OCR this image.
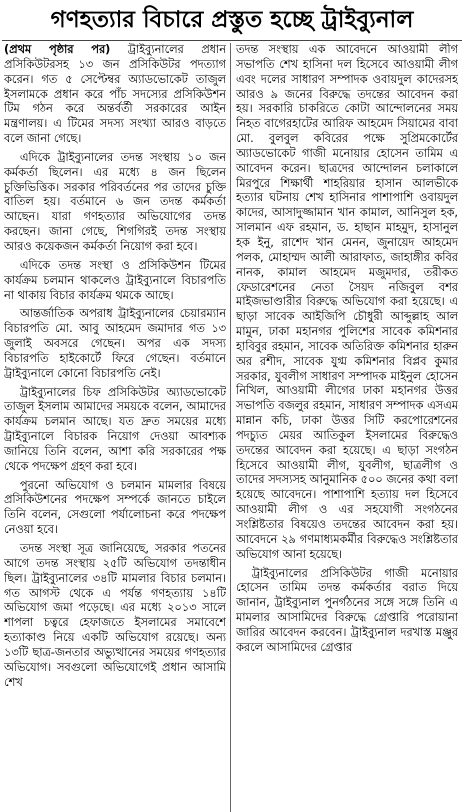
গণহত্যার বিচারে প্রস্তুত হচ্ছে ট্রাইব্যুনাল

(প্রথম পৃষ্ঠার পর) ট্রাইব্যুনালের প্রধান প্রসিকিউটরসহ ১৩ জন প্রসিকিউটর পদত্যাগ করেন। গত ৫ সেপ্টেম্বর অ্যাডভোকেট তাজুল ইসলামকে প্রধান করে পাঁচ সদস্যের প্রসিকিউশন টিম গঠন করে অন্তর্বর্তী সরকারের আইন মন্ত্রণালয়। এ টিমের সদস্য সংখ্যা আরও বাড়তে বলে জানা গেছে।

এদিকে ট্রাইব্যুনালের তদন্ত সংস্থায় ১০ জন কর্মকর্তা ছিলেন। এর মধ্যে ৪ জন ছিলেন চুক্তিভিত্তিক। সরকার পরিবর্তনের পর তাদের চুক্তি বাতিল হয়। বর্তমানে ৬ জন তদন্ত কর্মকর্তা আছেন। যারা গণহত্যার অভিযোগের তদন্ত করছেন। জানা গেছে, শিগগিরই তদন্ত সংস্থায় আরও কয়েকজন কর্মকর্তা নিয়োগ করা হবে।

এদিকে তদন্ত সংস্থা ও প্রসিকিউশন টিমের কার্যক্রম চলমান থাকলেও ট্রাইব্যুনালে বিচারপতি না থাকায় বিচার কার্যক্রম থমকে আছে।

আন্তর্জাতিক অপরাধ ট্রাইব্যুনালের চেয়ারম্যান বিচারপতি মো. আবু আহমেদ জমাদার গত ১৩ জুলাই অবসরে গেছেন। অপর এক সদস্য বিচারপতি হাইকোর্টে ফিরে গেছেন। বর্তমানে ট্রাইব্যুনালে কোনো বিচারপতি নেই।

ট্রাইব্যুনালের চিফ প্রসিকিউটর অ্যাডভোকেট তাজুল ইসলাম আমাদের সময়কে বলেন, আমাদের কার্যক্রম চলমান আছে। যত দ্রুত সময়ের মধ্যে ট্রাইব্যুনালে বিচারক নিয়োগ দেওয়া আবশ্যক জানিয়ে তিনি বলেন, আশা করি সরকারের পক্ষ থেকে পদক্ষেপ গ্রহণ করা হবে।

পুরনো অভিযোগ ও চলমান মামলার বিষয়ে প্রসিকিউশনের পদক্ষেপ সম্পর্কে জানতে চাইলে তিনি বলেন, সেগুলো পর্যালোচনা করে পদক্ষেপ নেওয়া হবে।

তদন্ত সংস্থা সূত্র জানিয়েছে, সরকার পতনের আগে তদন্ত সংস্থায় ২৫টি অভিযোগ তদন্তাধীন ছিল। ট্রাইব্যুনালের ৩৪টি মামলার বিচার চলমান। গত আগস্ট থেকে এ পর্যন্ত গণহত্যায় ১৪টি অভিযোগ জমা পড়েছে। এর মধ্যে ২০১৩ সালে শাপলা চত্বরে হেফাজতে ইসলামের সমাবেশে হত্যাকাণ্ড নিয়ে একটি অভিযোগ রয়েছে। অন্য ১৩টি ছাত্র-জনতার অভ্যুত্থানের সময়ের গণহত্যার অভিযোগ। সবগুলো অভিযোগেই প্রধান আসামি শেখ

তদন্ত সংস্থায় এক আবেদনে আওয়ামী লীগ সভাপতি শেখ হাসিনা দল হিসেবে আওয়ামী লীগ এবং দলের সাধারণ সম্পাদক ওবায়দুল কাদেরসহ আরও ৯ জনের বিরুদ্ধে তদন্তের আবেদন করা হয়। সরকারি চাকরিতে কোটা আন্দোলনের সময় নিহত বাগেরহাটের আরিফ আহমেদ সিয়ামের বাবা মো. বুলবুল কবিরের পক্ষে সুপ্রিমকোর্টের অ্যাডভোকেট গাজী মনোয়ার হোসেন তামিম এ আবেদন করেন। ছাত্রদের আন্দোলন চলাকালে মিরপুরে শিক্ষার্থী শাহরিয়ার হাসান আলভীকে হত্যার ঘটনায় শেখ হাসিনার পাশাপাশি ওবায়দুল কাদের, আসাদুজ্জামান খান কামাল, আনিসুল হক, সালমান এফ রহমান, ড. হাছান মাহমুদ, হাসানুল হক ইনু, রাশেদ খান মেনন, জুনায়েদ আহমেদ পলক, মোহাম্মদ আলী আরাফাত, জাহাঙ্গীর কবির নানক, কামাল আহমেদ মজুমদার, তরীকত ফেডারেশনের নেতা সৈয়দ নজিবুল বশর মাইজভাণ্ডারীর বিরুদ্ধে অভিযোগ করা হয়েছে। এ ছাড়া সাবেক আইজিপি চৌধুরী আব্দুল্লাহ আল মামুন, ঢাকা মহানগর পুলিশের সাবেক কমিশনার হাবিবুর রহমান, সাবেক অতিরিক্ত কমিশনার হারুন অর রশীদ, সাবেক যুগ্ম কমিশনার বিপ্লব কুমার সরকার, যুবলীগ সাধারণ সম্পাদক মাইনুল হোসেন নিখিল, আওয়ামী লীগের ঢাকা মহানগর উত্তর সভাপতি বজলুর রহমান, সাধারণ সম্পাদক এসএম মান্নান কচি, ঢাকা উত্তর সিটি করপোরেশনের পদচ্যুত মেয়র আতিকুল ইসলামের বিরুদ্ধেও তদন্তের আবেদন করা হয়েছে। এ ছাড়া সংগঠন হিসেবে আওয়ামী লীগ, যুবলীগ, ছাত্রলীগ ও তাদের সদস্যসহ আনুমানিক ৫০০ জনের কথা বলা হয়েছে আবেদনে। পাশাপাশি হত্যায় দল হিসেবে আওয়ামী লীগ ও এর সহযোগী সংগঠনের সংশ্লিষ্টতার বিষয়েও তদন্তের আবেদন করা হয়। আবেদনে ২৯ গণমাধ্যমকর্মীর বিরুদ্ধেও সংশ্লিষ্টতার অভিযোগ আনা হয়েছে।

ট্রাইব্যুনালের প্রসিকিউটর গাজী মনোয়ার হোসেন তামিম তদন্ত কর্মকর্তার বরাত দিয়ে জানান, ট্রাইব্যুনাল পুনর্গঠনের সঙ্গে সঙ্গে তিনি এ মামলার আসামিদের বিরুদ্ধে গ্রেপ্তারি পরোয়ানা জারির আবেদন করবেন। ট্রাইব্যুনাল দরখাস্ত মঞ্জুর করলে আসামিদের গ্রেপ্তার
